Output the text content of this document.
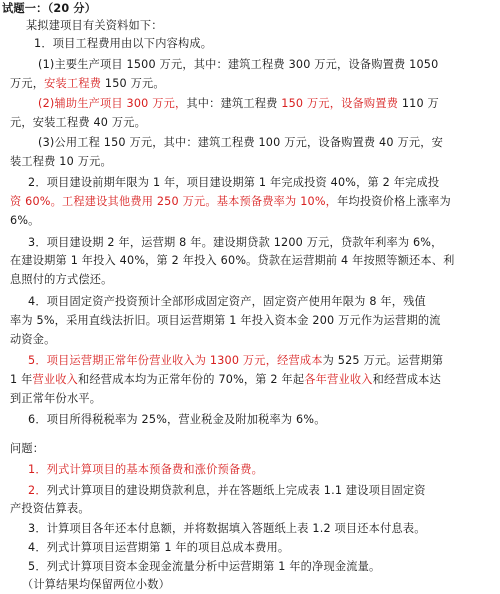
试题一：（20 分）
某拟建项目有关资料如下：
1．项目工程费用由以下内容构成。
(1)主要生产项目 1500 万元，其中：建筑工程费 300 万元，设备购置费 1050
万元，安装工程费 150 万元。
(2)辅助生产项目 300 万元，其中：建筑工程费 150 万元，设备购置费 110 万
元，安装工程费 40 万元。
(3)公用工程 150 万元，其中：建筑工程费 100 万元，设备购置费 40 万元，安
装工程费 10 万元。
2．项目建设前期年限为 1 年，项目建设期第 1 年完成投资 40%，第 2 年完成投
资 60%。工程建设其他费用 250 万元。基本预备费率为 10%，年均投资价格上涨率为
6%。
3．项目建设期 2 年，运营期 8 年。建设期贷款 1200 万元，贷款年利率为 6%，
在建设期第 1 年投入 40%，第 2 年投入 60%。贷款在运营期前 4 年按照等额还本、利
息照付的方式偿还。
4．项目固定资产投资预计全部形成固定资产，固定资产使用年限为 8 年，残值
率为 5%，采用直线法折旧。项目运营期第 1 年投入资本金 200 万元作为运营期的流
动资金。
5．项目运营期正常年份营业收入为 1300 万元，经营成本为 525 万元。运营期第
1 年营业收入和经营成本均为正常年份的 70%，第 2 年起各年营业收入和经营成本达
到正常年份水平。
6．项目所得税税率为 25%，营业税金及附加税率为 6%。
问题：
1．列式计算项目的基本预备费和涨价预备费。
2．列式计算项目的建设期贷款利息，并在答题纸上完成表 1.1 建设项目固定资
产投资估算表。
3．计算项目各年还本付息额，并将数据填入答题纸上表 1.2 项目还本付息表。
4．列式计算项目运营期第 1 年的项目总成本费用。
5．列式计算项目资本金现金流量分析中运营期第 1 年的净现金流量。
（计算结果均保留两位小数）
